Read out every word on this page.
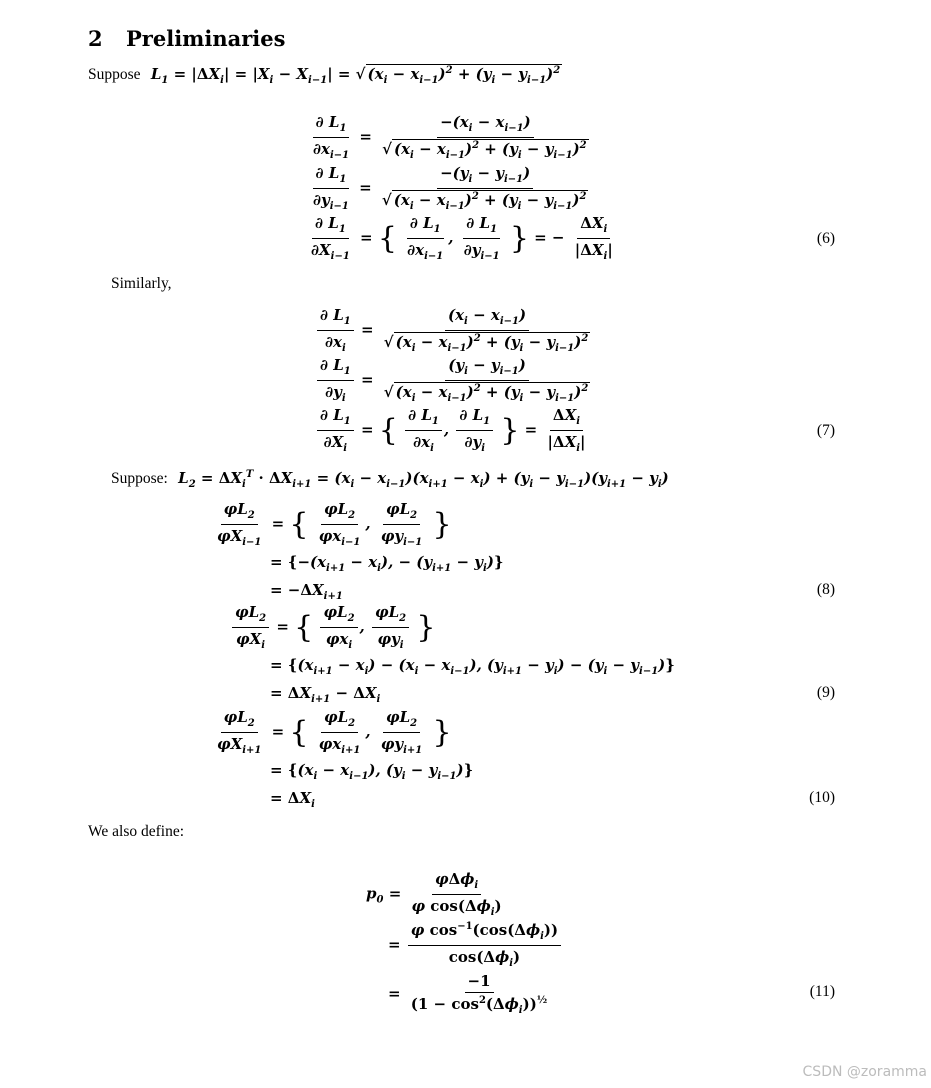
2 Preliminaries
Suppose  $L_1 = |\Delta X_i| = |X_i - X_{i-1}|$ = √ $(x_i - x_{i-1})^2 + (y_i - y_{i-1})^2$
$\frac{\partial L_1}{\partial x_{i-1}} = \frac{-(x_i - x_{i-1})}{√ (x_i - x_{i-1})^2 + (y_i - y_{i-1})^2}$
$\frac{\partial L_1}{\partial y_{i-1}} = \frac{-(y_i - y_{i-1})}{√ (x_i - x_{i-1})^2 + (y_i - y_{i-1})^2}$
$\frac{\partial L_1}{\partial X_{i-1}}$ = { $\frac{\partial L_1}{\partial x_{i-1}}$ , $\frac{\partial L_1}{\partial y_{i-1}}$ } = − $\frac{\Delta X_i}{|\Delta X_i|}$	(6)
Similarly,
$\frac{\partial L_1}{\partial x_i} = \frac{(x_i - x_{i-1})}{√ (x_i - x_{i-1})^2 + (y_i - y_{i-1})^2}$
$\frac{\partial L_1}{\partial y_i} = \frac{(y_i - y_{i-1})}{√ (x_i - x_{i-1})^2 + (y_i - y_{i-1})^2}$
$\frac{\partial L_1}{\partial X_i}$ = { $\frac{\partial L_1}{\partial x_i}$ , $\frac{\partial L_1}{\partial y_i}$ } = $\frac{\Delta X_i}{|\Delta X_i|}$	(7)
Suppose:  $L_2 = \Delta X_i^T \cdot \Delta X_{i+1} = (x_i - x_{i-1})(x_{i+1} - x_i) + (y_i - y_{i-1})(y_{i+1} - y_i)$
$\frac{\varphi L_2}{\varphi X_{i-1}}$ = { $\frac{\varphi L_2}{\varphi x_{i-1}}$ , $\frac{\varphi L_2}{\varphi y_{i-1}}$ }
= {$-(x_{i+1} - x_i)$, − $(y_{i+1} - y_i)$}
= $-\Delta X_{i+1}$	(8)
$\frac{\varphi L_2}{\varphi X_i}$ = { $\frac{\varphi L_2}{\varphi x_i}$ , $\frac{\varphi L_2}{\varphi y_i}$ }
= {$(x_{i+1} - x_i) - (x_i - x_{i-1})$, $(y_{i+1} - y_i) - (y_i - y_{i-1})$}
= $\Delta X_{i+1} - \Delta X_i$	(9)
$\frac{\varphi L_2}{\varphi X_{i+1}}$ = { $\frac{\varphi L_2}{\varphi x_{i+1}}$ , $\frac{\varphi L_2}{\varphi y_{i+1}}$ }
= {$(x_i - x_{i-1})$, $(y_i - y_{i-1})$}
= $\Delta X_i$	(10)
We also define:
$p_0 = \frac{\varphi\Delta\phi_i}{\varphi \cos(\Delta\phi_i)}$
= $\frac{\varphi \cos^{-1}(\cos(\Delta\phi_i))}{\cos(\Delta\phi_i)}$
= $\frac{-1}{(1 - \cos^2(\Delta\phi_i))^{\frac{1}{2}}}$	(11)
CSDN @zoramma
